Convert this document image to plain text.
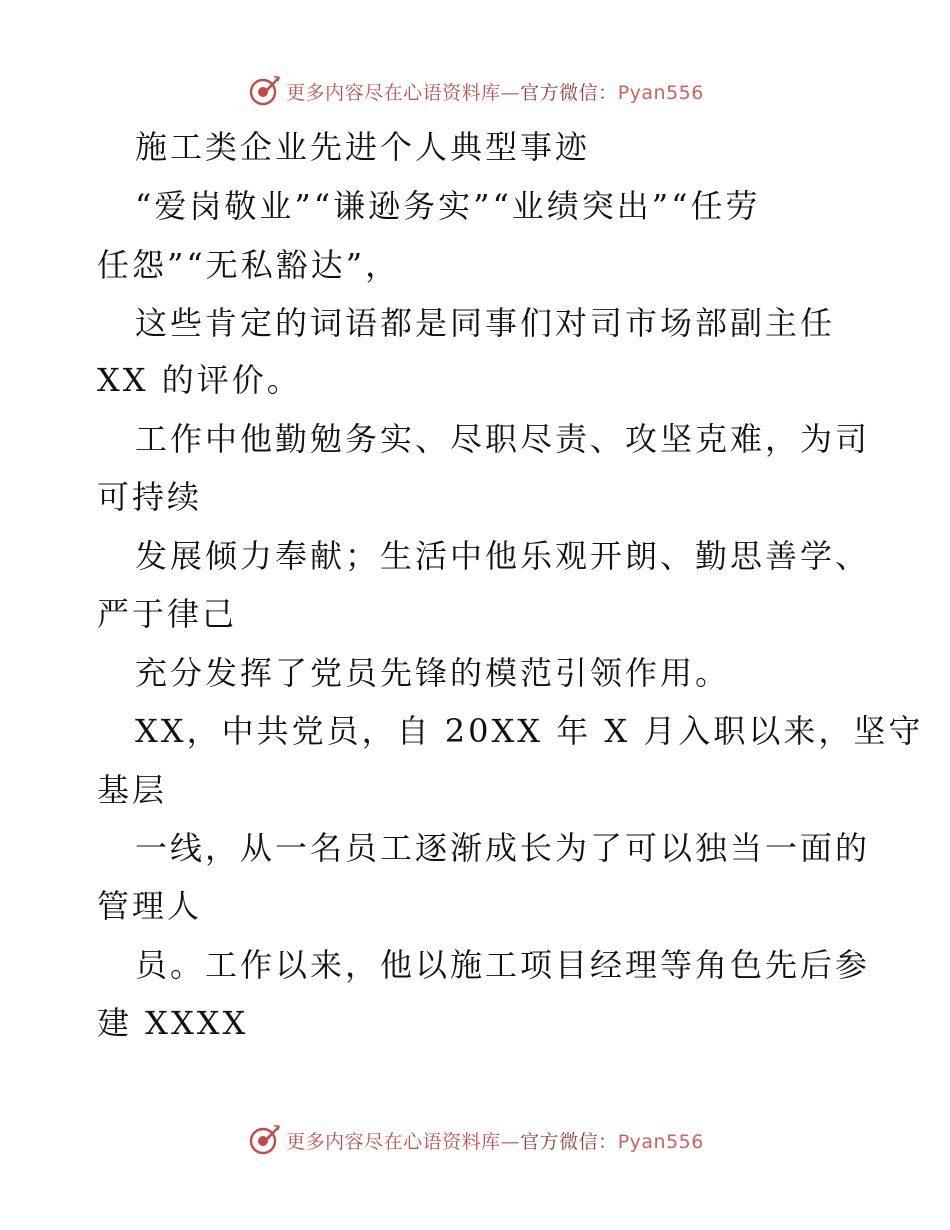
更多内容尽在心语资料库—官方微信：Pyan556
施工类企业先进个人典型事迹
“爱岗敬业”“谦逊务实”“业绩突出”“任劳
任怨”“无私豁达”，
这些肯定的词语都是同事们对司市场部副主任
XX 的评价。
工作中他勤勉务实、尽职尽责、攻坚克难，为司
可持续
发展倾力奉献；生活中他乐观开朗、勤思善学、
严于律己
充分发挥了党员先锋的模范引领作用。
XX，中共党员，自 20XX 年 X 月入职以来，坚守
基层
一线，从一名员工逐渐成长为了可以独当一面的
管理人
员。工作以来，他以施工项目经理等角色先后参
建 XXXX
更多内容尽在心语资料库—官方微信：Pyan556
